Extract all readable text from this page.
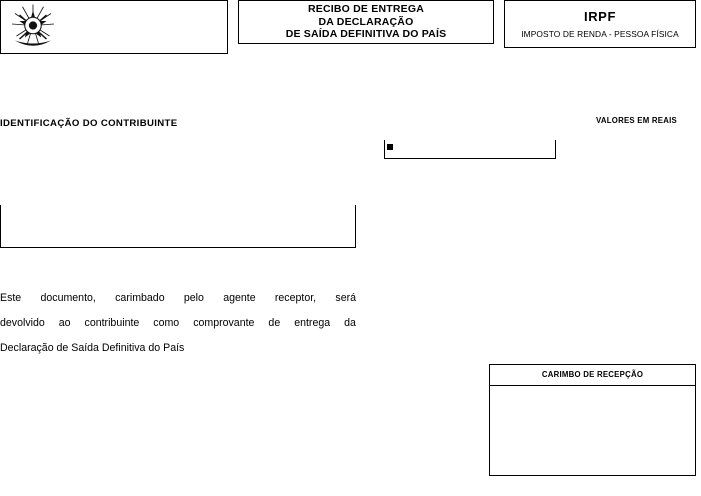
RECIBO DE ENTREGA
DA DECLARAÇÃO
DE SAÍDA DEFINITIVA DO PAÍS
IRPF
IMPOSTO DE RENDA - PESSOA FÍSICA
IDENTIFICAÇÃO DO CONTRIBUINTE	VALORES EM REAIS
Este documento, carimbado pelo agente receptor, será
devolvido ao contribuinte como comprovante de entrega da
Declaração de Saída Definitiva do País
CARIMBO DE RECEPÇÃO
